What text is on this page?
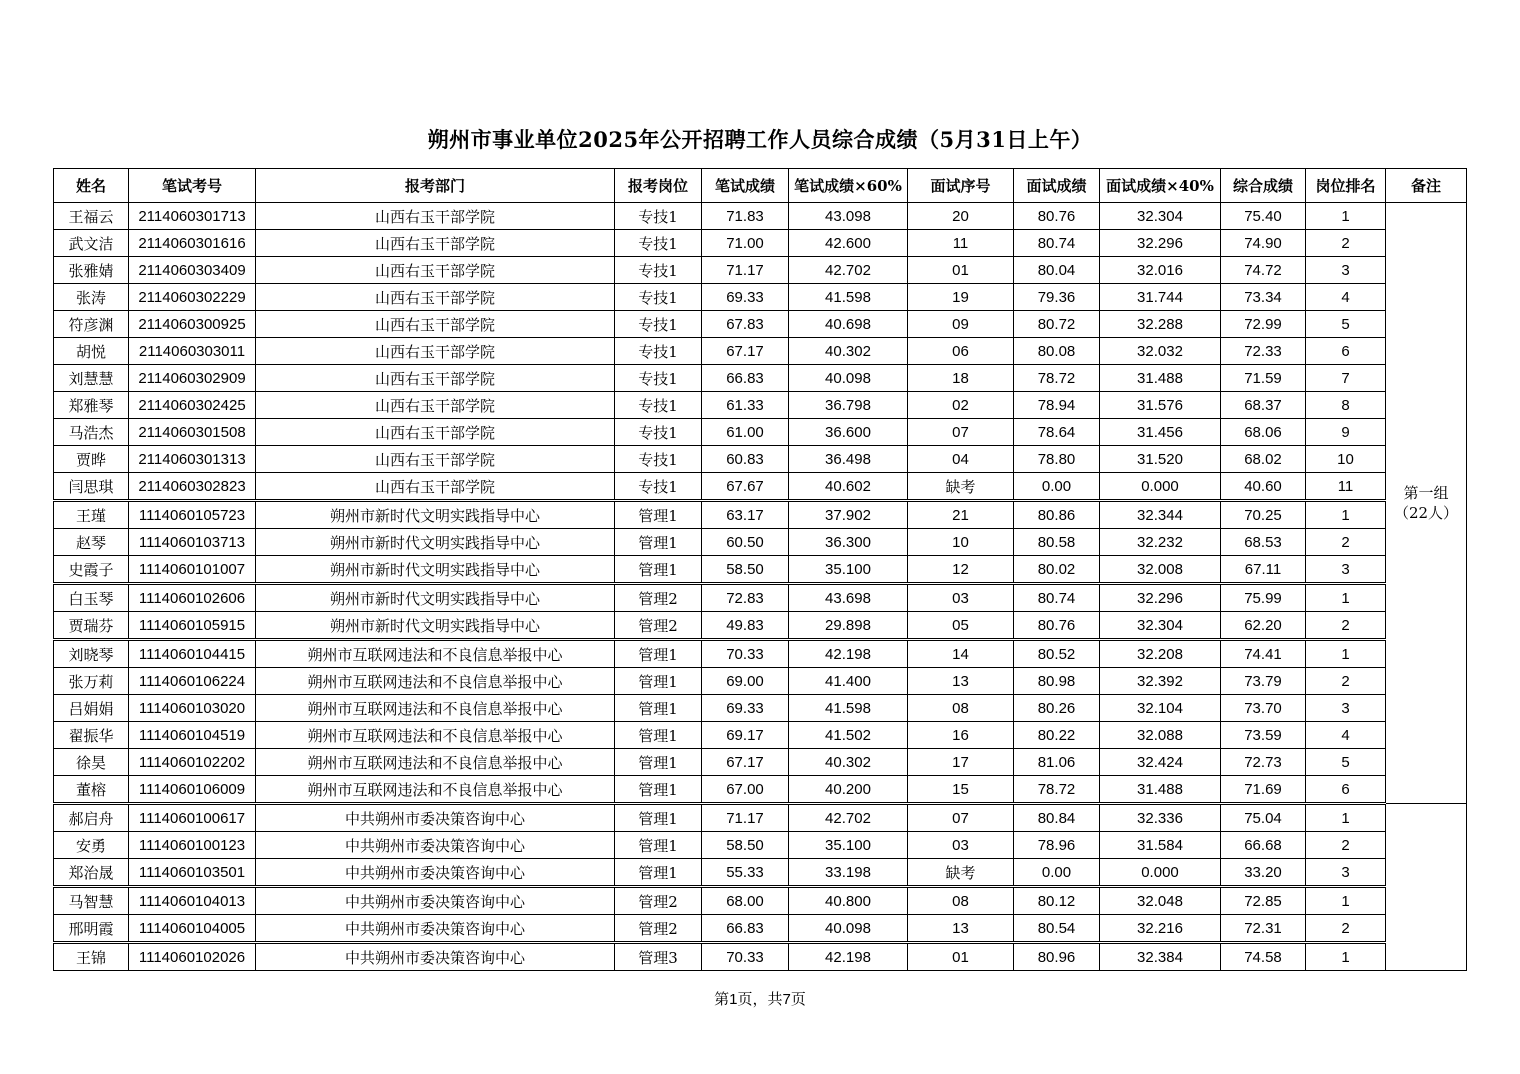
朔州市事业单位2025年公开招聘工作人员综合成绩（5月31日上午）
姓名	笔试考号	报考部门	报考岗位	笔试成绩	笔试成绩×60%	面试序号	面试成绩	面试成绩×40%	综合成绩	岗位排名	备注
王福云	2114060301713	山西右玉干部学院	专技1	71.83	43.098	20	80.76	32.304	75.40	1	第一组
（22人）

武文洁	2114060301616	山西右玉干部学院	专技1	71.00	42.600	11	80.74	32.296	74.90	2	
张雅婧	2114060303409	山西右玉干部学院	专技1	71.17	42.702	01	80.04	32.016	74.72	3	
张涛	2114060302229	山西右玉干部学院	专技1	69.33	41.598	19	79.36	31.744	73.34	4	
符彦渊	2114060300925	山西右玉干部学院	专技1	67.83	40.698	09	80.72	32.288	72.99	5	
胡悦	2114060303011	山西右玉干部学院	专技1	67.17	40.302	06	80.08	32.032	72.33	6	
刘慧慧	2114060302909	山西右玉干部学院	专技1	66.83	40.098	18	78.72	31.488	71.59	7	
郑雅琴	2114060302425	山西右玉干部学院	专技1	61.33	36.798	02	78.94	31.576	68.37	8	
马浩杰	2114060301508	山西右玉干部学院	专技1	61.00	36.600	07	78.64	31.456	68.06	9	
贾晔	2114060301313	山西右玉干部学院	专技1	60.83	36.498	04	78.80	31.520	68.02	10	
闫思琪	2114060302823	山西右玉干部学院	专技1	67.67	40.602	缺考	0.00	0.000	40.60	11	
王瑾	1114060105723	朔州市新时代文明实践指导中心	管理1	63.17	37.902	21	80.86	32.344	70.25	1	
赵琴	1114060103713	朔州市新时代文明实践指导中心	管理1	60.50	36.300	10	80.58	32.232	68.53	2	
史霞子	1114060101007	朔州市新时代文明实践指导中心	管理1	58.50	35.100	12	80.02	32.008	67.11	3	
白玉琴	1114060102606	朔州市新时代文明实践指导中心	管理2	72.83	43.698	03	80.74	32.296	75.99	1	
贾瑞芬	1114060105915	朔州市新时代文明实践指导中心	管理2	49.83	29.898	05	80.76	32.304	62.20	2	
刘晓琴	1114060104415	朔州市互联网违法和不良信息举报中心	管理1	70.33	42.198	14	80.52	32.208	74.41	1	
张万莉	1114060106224	朔州市互联网违法和不良信息举报中心	管理1	69.00	41.400	13	80.98	32.392	73.79	2	
吕娟娟	1114060103020	朔州市互联网违法和不良信息举报中心	管理1	69.33	41.598	08	80.26	32.104	73.70	3	
翟振华	1114060104519	朔州市互联网违法和不良信息举报中心	管理1	69.17	41.502	16	80.22	32.088	73.59	4	
徐昊	1114060102202	朔州市互联网违法和不良信息举报中心	管理1	67.17	40.302	17	81.06	32.424	72.73	5	
董榕	1114060106009	朔州市互联网违法和不良信息举报中心	管理1	67.00	40.200	15	78.72	31.488	71.69	6	
郝启舟	1114060100617	中共朔州市委决策咨询中心	管理1	71.17	42.702	07	80.84	32.336	75.04	1	

安勇	1114060100123	中共朔州市委决策咨询中心	管理1	58.50	35.100	03	78.96	31.584	66.68	2	
郑治晟	1114060103501	中共朔州市委决策咨询中心	管理1	55.33	33.198	缺考	0.00	0.000	33.20	3	
马智慧	1114060104013	中共朔州市委决策咨询中心	管理2	68.00	40.800	08	80.12	32.048	72.85	1	
邢明霞	1114060104005	中共朔州市委决策咨询中心	管理2	66.83	40.098	13	80.54	32.216	72.31	2	
王锦	1114060102026	中共朔州市委决策咨询中心	管理3	70.33	42.198	01	80.96	32.384	74.58	1	
第1页，共7页
